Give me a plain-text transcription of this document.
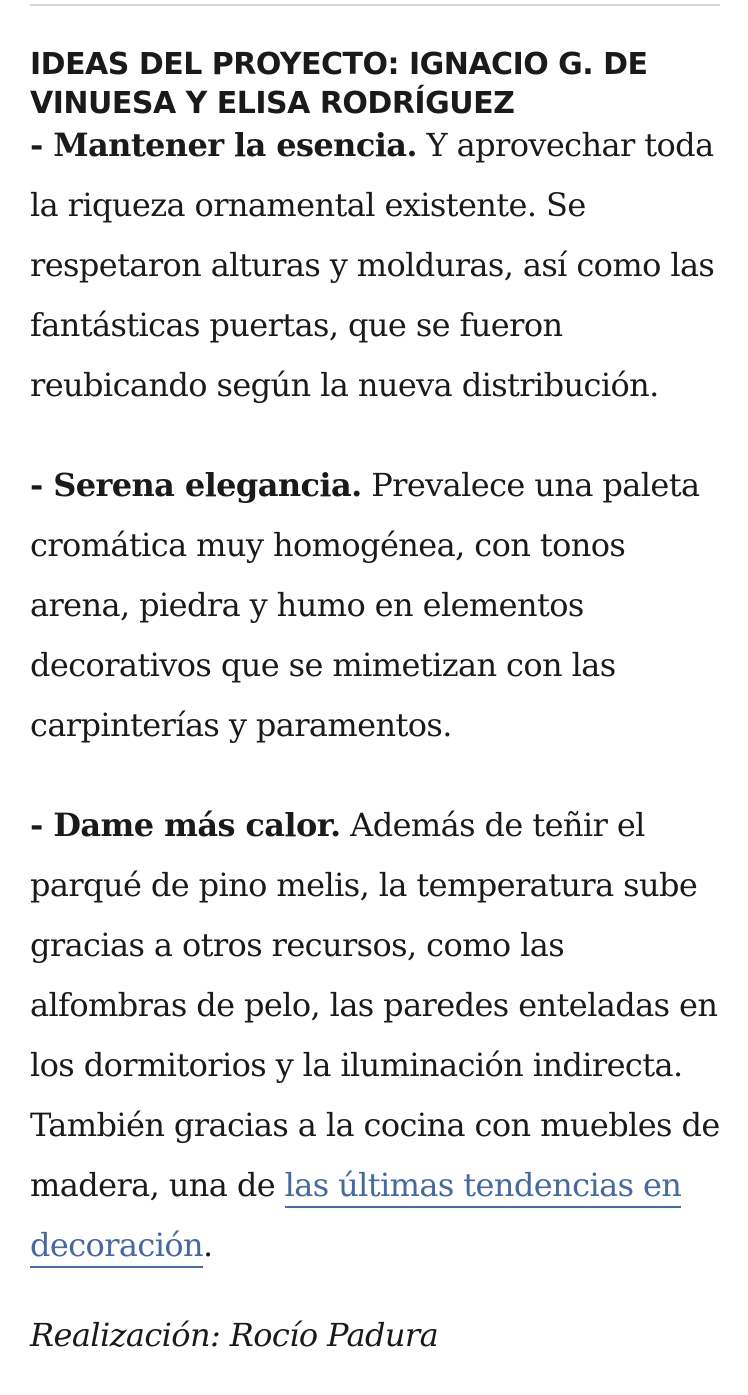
IDEAS DEL PROYECTO: IGNACIO G. DE VINUESA Y ELISA RODRÍGUEZ

- Mantener la esencia. Y aprovechar toda la riqueza ornamental existente. Se respetaron alturas y molduras, así como las fantásticas puertas, que se fueron reubicando según la nueva distribución.

- Serena elegancia. Prevalece una paleta cromática muy homogénea, con tonos arena, piedra y humo en elementos decorativos que se mimetizan con las carpinterías y paramentos.

- Dame más calor. Además de teñir el parqué de pino melis, la temperatura sube gracias a otros recursos, como las alfombras de pelo, las paredes enteladas en los dormitorios y la iluminación indirecta. También gracias a la cocina con muebles de madera, una de las últimas tendencias en decoración.

Realización: Rocío Padura
